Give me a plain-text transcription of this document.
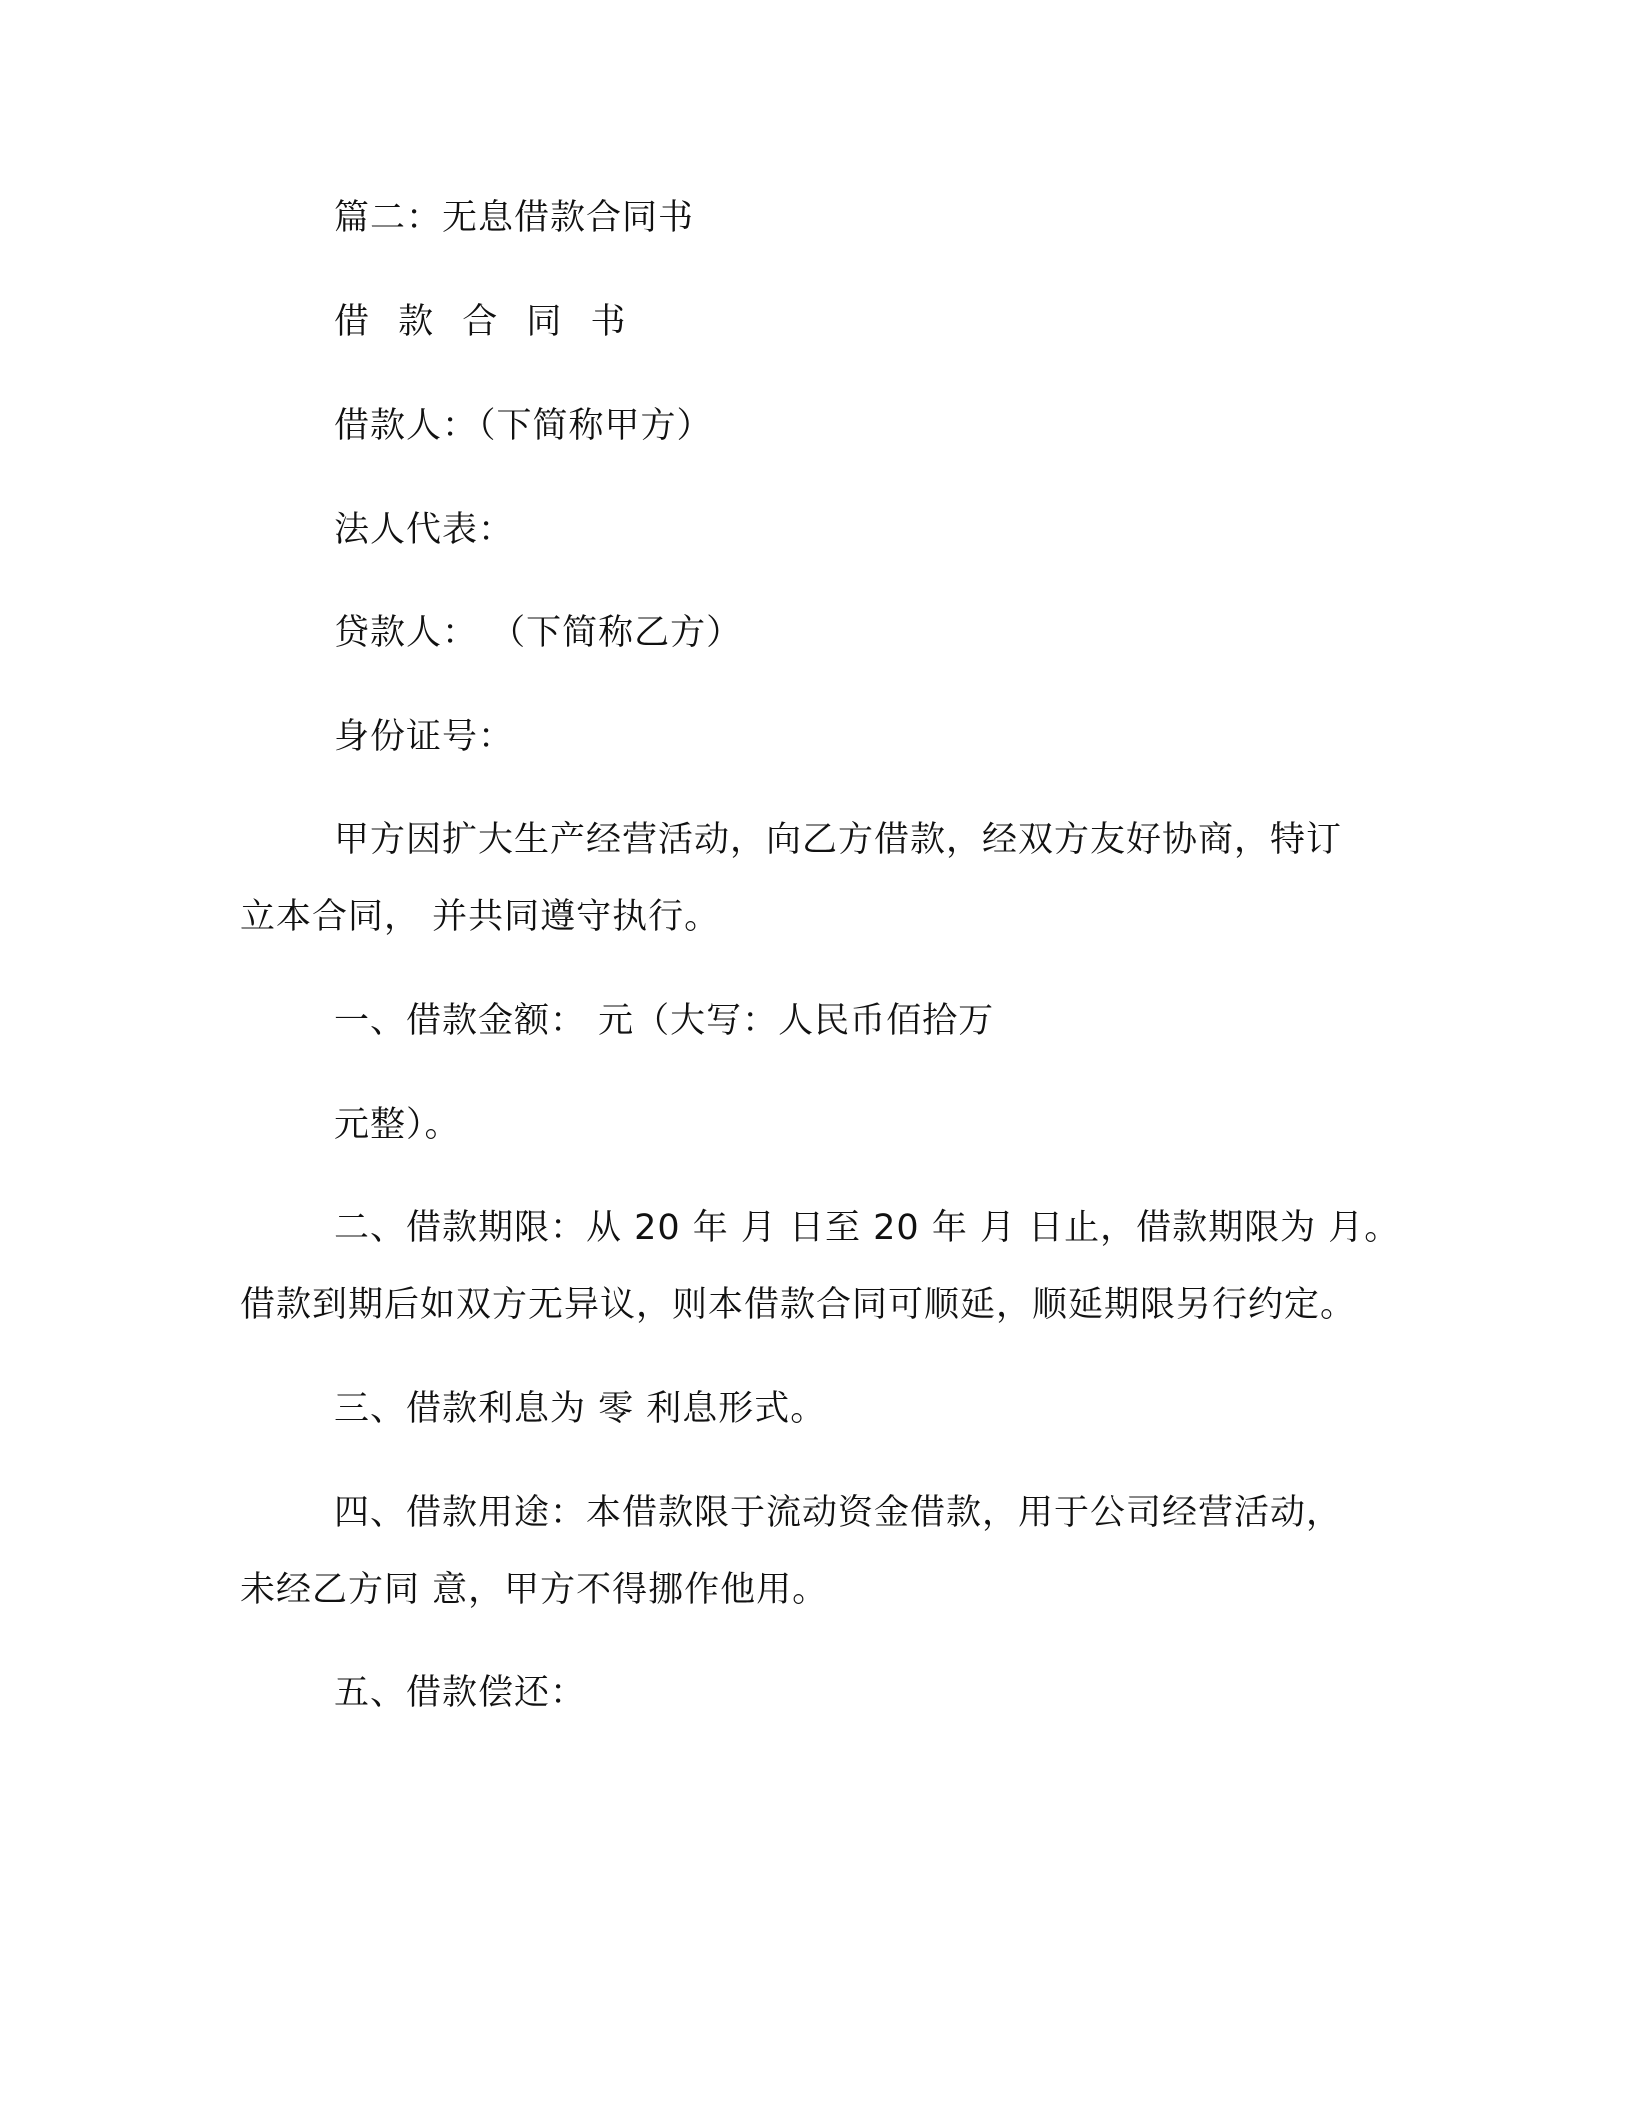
篇二：无息借款合同书
借 款 合 同 书
借款人：（下简称甲方）
法人代表：
贷款人： （下简称乙方）
身份证号：
甲方因扩大生产经营活动，向乙方借款，经双方友好协商，特订
立本合同， 并共同遵守执行。
一、借款金额： 元（大写：人民币佰拾万
元整）。
二、借款期限：从 20 年 月 日至 20 年 月 日止，借款期限为 月。
借款到期后如双方无异议，则本借款合同可顺延，顺延期限另行约定。
三、借款利息为 零 利息形式。
四、借款用途：本借款限于流动资金借款，用于公司经营活动，
未经乙方同 意，甲方不得挪作他用。
五、借款偿还：
